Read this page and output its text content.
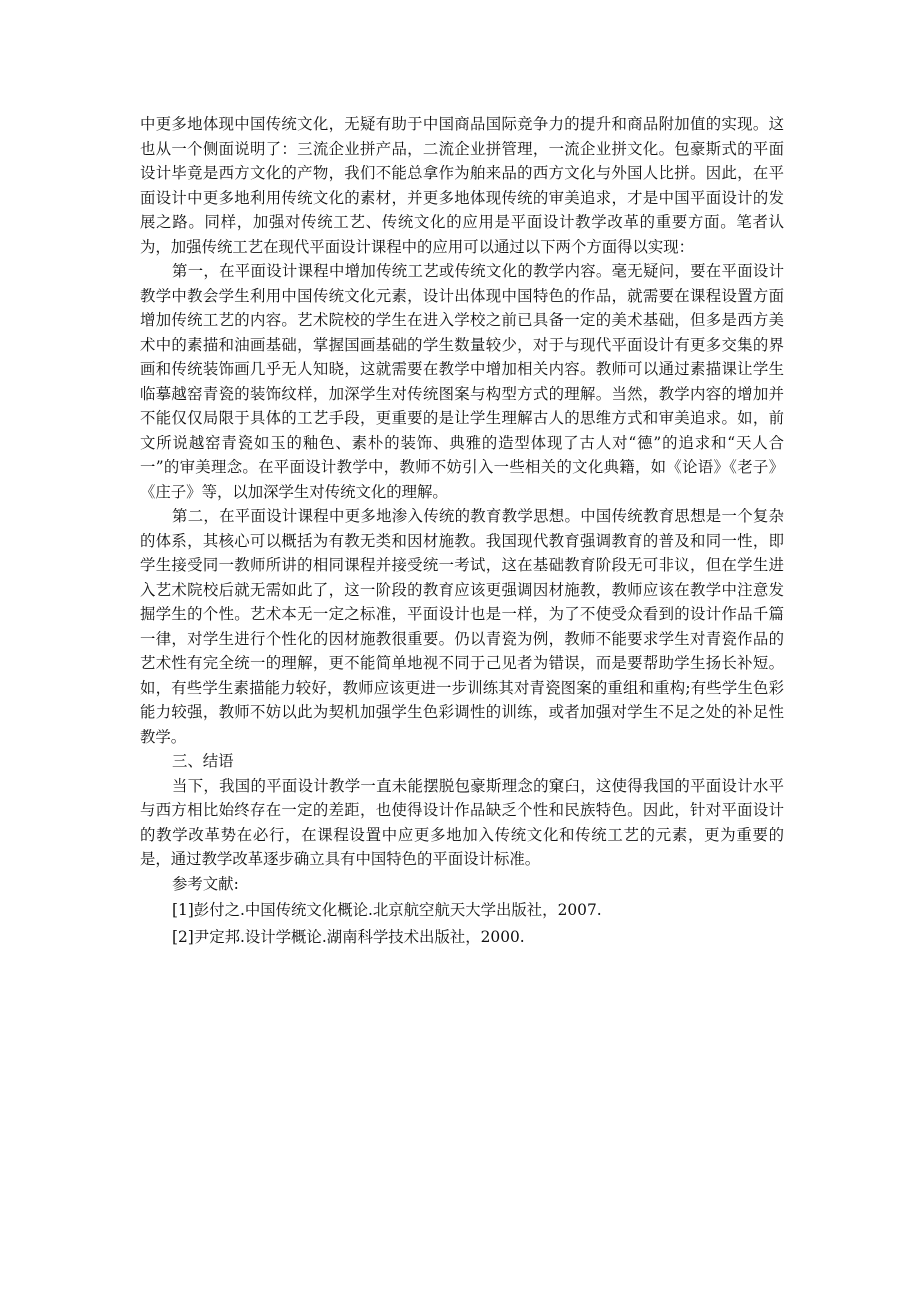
中更多地体现中国传统文化，无疑有助于中国商品国际竞争力的提升和商品附加值的实现。这也从一个侧面说明了：三流企业拼产品，二流企业拼管理，一流企业拼文化。包豪斯式的平面设计毕竟是西方文化的产物，我们不能总拿作为舶来品的西方文化与外国人比拼。因此，在平面设计中更多地利用传统文化的素材，并更多地体现传统的审美追求，才是中国平面设计的发展之路。同样，加强对传统工艺、传统文化的应用是平面设计教学改革的重要方面。笔者认为，加强传统工艺在现代平面设计课程中的应用可以通过以下两个方面得以实现：

第一，在平面设计课程中增加传统工艺或传统文化的教学内容。毫无疑问，要在平面设计教学中教会学生利用中国传统文化元素，设计出体现中国特色的作品，就需要在课程设置方面增加传统工艺的内容。艺术院校的学生在进入学校之前已具备一定的美术基础，但多是西方美术中的素描和油画基础，掌握国画基础的学生数量较少，对于与现代平面设计有更多交集的界画和传统装饰画几乎无人知晓，这就需要在教学中增加相关内容。教师可以通过素描课让学生临摹越窑青瓷的装饰纹样，加深学生对传统图案与构型方式的理解。当然，教学内容的增加并不能仅仅局限于具体的工艺手段，更重要的是让学生理解古人的思维方式和审美追求。如，前文所说越窑青瓷如玉的釉色、素朴的装饰、典雅的造型体现了古人对“德”的追求和“天人合一”的审美理念。在平面设计教学中，教师不妨引入一些相关的文化典籍，如《论语》《老子》《庄子》等，以加深学生对传统文化的理解。

第二，在平面设计课程中更多地渗入传统的教育教学思想。中国传统教育思想是一个复杂的体系，其核心可以概括为有教无类和因材施教。我国现代教育强调教育的普及和同一性，即学生接受同一教师所讲的相同课程并接受统一考试，这在基础教育阶段无可非议，但在学生进入艺术院校后就无需如此了，这一阶段的教育应该更强调因材施教，教师应该在教学中注意发掘学生的个性。艺术本无一定之标准，平面设计也是一样，为了不使受众看到的设计作品千篇一律，对学生进行个性化的因材施教很重要。仍以青瓷为例，教师不能要求学生对青瓷作品的艺术性有完全统一的理解，更不能简单地视不同于己见者为错误，而是要帮助学生扬长补短。如，有些学生素描能力较好，教师应该更进一步训练其对青瓷图案的重组和重构;有些学生色彩能力较强，教师不妨以此为契机加强学生色彩调性的训练，或者加强对学生不足之处的补足性教学。

三、结语

当下，我国的平面设计教学一直未能摆脱包豪斯理念的窠臼，这使得我国的平面设计水平与西方相比始终存在一定的差距，也使得设计作品缺乏个性和民族特色。因此，针对平面设计的教学改革势在必行，在课程设置中应更多地加入传统文化和传统工艺的元素，更为重要的是，通过教学改革逐步确立具有中国特色的平面设计标准。

参考文献:

[1]彭付之.中国传统文化概论.北京航空航天大学出版社，2007.
[2]尹定邦.设计学概论.湖南科学技术出版社，2000.
